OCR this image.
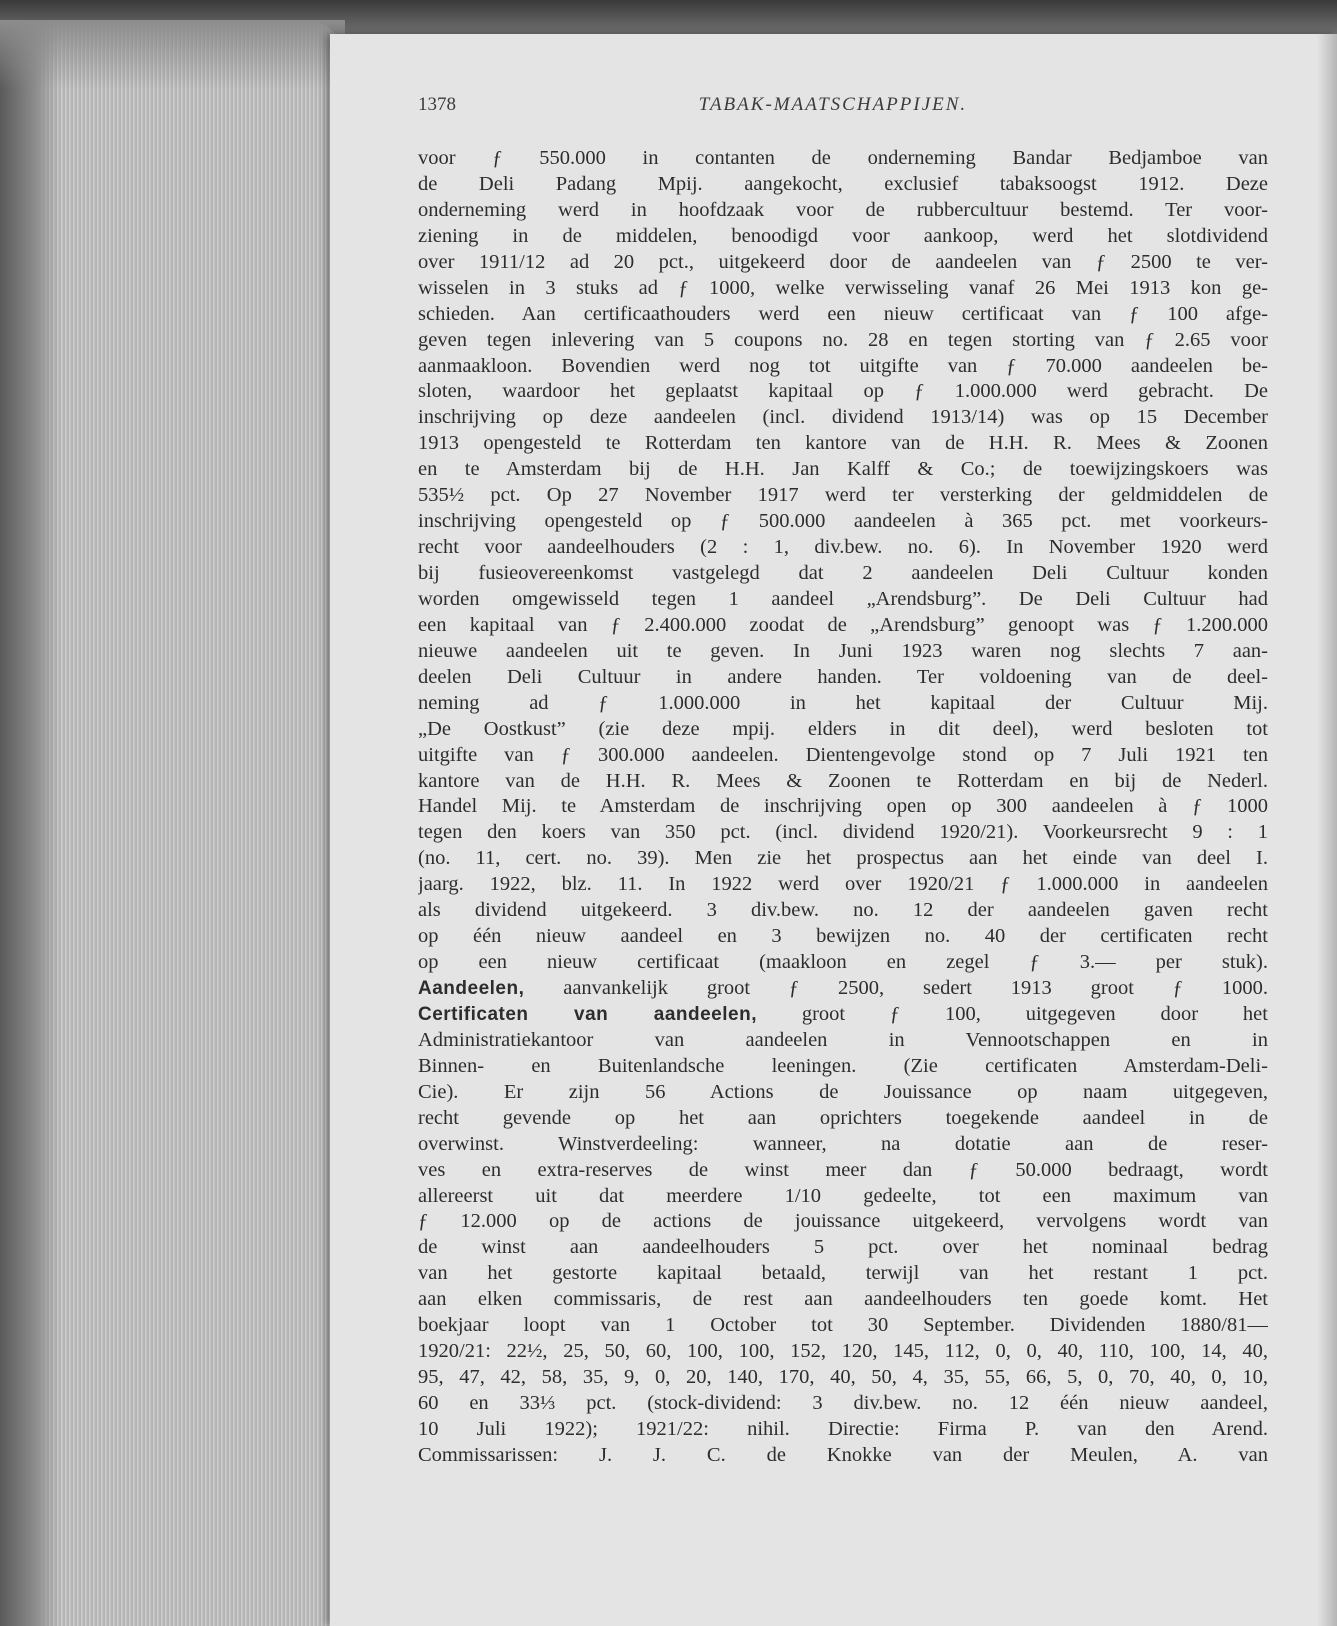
1378	TABAK-MAATSCHAPPIJEN.
voor ƒ 550.000 in contanten de onderneming Bandar Bedjamboe van
de Deli Padang Mpij. aangekocht, exclusief tabaksoogst 1912. Deze
onderneming werd in hoofdzaak voor de rubbercultuur bestemd. Ter voor-
ziening in de middelen, benoodigd voor aankoop, werd het slotdividend
over 1911/12 ad 20 pct., uitgekeerd door de aandeelen van ƒ 2500 te ver-
wisselen in 3 stuks ad ƒ 1000, welke verwisseling vanaf 26 Mei 1913 kon ge-
schieden. Aan certificaathouders werd een nieuw certificaat van ƒ 100 afge-
geven tegen inlevering van 5 coupons no. 28 en tegen storting van ƒ 2.65 voor
aanmaakloon. Bovendien werd nog tot uitgifte van ƒ 70.000 aandeelen be-
sloten, waardoor het geplaatst kapitaal op ƒ 1.000.000 werd gebracht. De
inschrijving op deze aandeelen (incl. dividend 1913/14) was op 15 December
1913 opengesteld te Rotterdam ten kantore van de H.H. R. Mees & Zoonen
en te Amsterdam bij de H.H. Jan Kalff & Co.; de toewijzingskoers was
535½ pct. Op 27 November 1917 werd ter versterking der geldmiddelen de
inschrijving opengesteld op ƒ 500.000 aandeelen à 365 pct. met voorkeurs-
recht voor aandeelhouders (2 : 1, div.bew. no. 6). In November 1920 werd
bij fusieovereenkomst vastgelegd dat 2 aandeelen Deli Cultuur konden
worden omgewisseld tegen 1 aandeel „Arendsburg”. De Deli Cultuur had
een kapitaal van ƒ 2.400.000 zoodat de „Arendsburg” genoopt was ƒ 1.200.000
nieuwe aandeelen uit te geven. In Juni 1923 waren nog slechts 7 aan-
deelen Deli Cultuur in andere handen. Ter voldoening van de deel-
neming ad ƒ 1.000.000 in het kapitaal der Cultuur Mij.
„De Oostkust” (zie deze mpij. elders in dit deel), werd besloten tot
uitgifte van ƒ 300.000 aandeelen. Dientengevolge stond op 7 Juli 1921 ten
kantore van de H.H. R. Mees & Zoonen te Rotterdam en bij de Nederl.
Handel Mij. te Amsterdam de inschrijving open op 300 aandeelen à ƒ 1000
tegen den koers van 350 pct. (incl. dividend 1920/21). Voorkeursrecht 9 : 1
(no. 11, cert. no. 39). Men zie het prospectus aan het einde van deel I.
jaarg. 1922, blz. 11. In 1922 werd over 1920/21 ƒ 1.000.000 in aandeelen
als dividend uitgekeerd. 3 div.bew. no. 12 der aandeelen gaven recht
op één nieuw aandeel en 3 bewijzen no. 40 der certificaten recht
op een nieuw certificaat (maakloon en zegel ƒ 3.— per stuk).
Aandeelen, aanvankelijk groot ƒ 2500, sedert 1913 groot ƒ 1000.
Certificaten van aandeelen, groot ƒ 100, uitgegeven door het
Administratiekantoor van aandeelen in Vennootschappen en in
Binnen- en Buitenlandsche leeningen. (Zie certificaten Amsterdam-Deli-
Cie). Er zijn 56 Actions de Jouissance op naam uitgegeven,
recht gevende op het aan oprichters toegekende aandeel in de
overwinst. Winstverdeeling: wanneer, na dotatie aan de reser-
ves en extra-reserves de winst meer dan ƒ 50.000 bedraagt, wordt
allereerst uit dat meerdere 1/10 gedeelte, tot een maximum van
ƒ 12.000 op de actions de jouissance uitgekeerd, vervolgens wordt van
de winst aan aandeelhouders 5 pct. over het nominaal bedrag
van het gestorte kapitaal betaald, terwijl van het restant 1 pct.
aan elken commissaris, de rest aan aandeelhouders ten goede komt. Het
boekjaar loopt van 1 October tot 30 September. Dividenden 1880/81—
1920/21: 22½, 25, 50, 60, 100, 100, 152, 120, 145, 112, 0, 0, 40, 110, 100, 14, 40,
95, 47, 42, 58, 35, 9, 0, 20, 140, 170, 40, 50, 4, 35, 55, 66, 5, 0, 70, 40, 0, 10,
60 en 33⅓ pct. (stock-dividend: 3 div.bew. no. 12 één nieuw aandeel,
10 Juli 1922); 1921/22: nihil. Directie: Firma P. van den Arend.
Commissarissen: J. J. C. de Knokke van der Meulen, A. van
